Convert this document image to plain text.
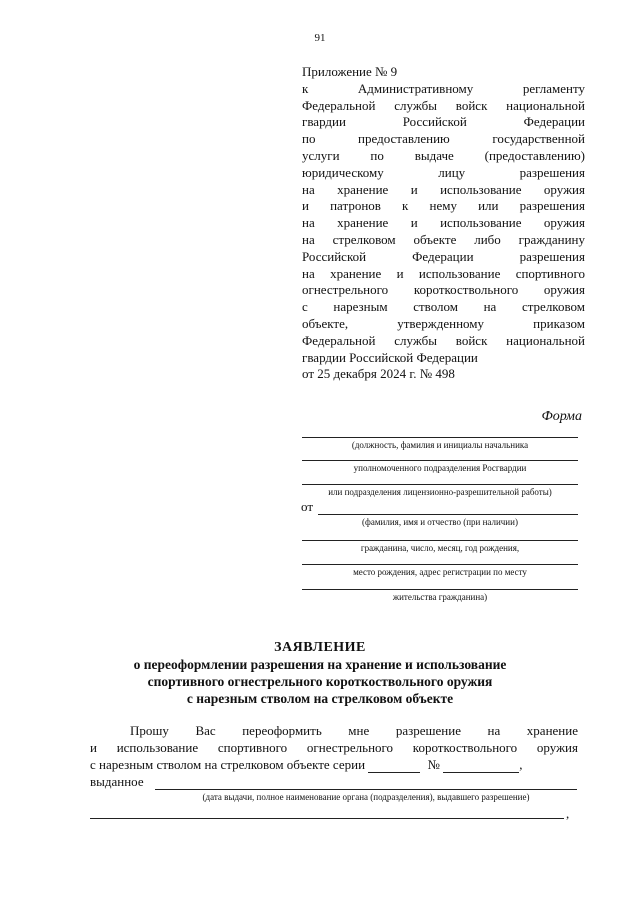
91
Приложение № 9
к Административному регламенту
Федеральной службы войск национальной
гвардии Российской Федерации
по предоставлению государственной
услуги по выдаче (предоставлению)
юридическому лицу разрешения
на хранение и использование оружия
и патронов к нему или разрешения
на хранение и использование оружия
на стрелковом объекте либо гражданину
Российской Федерации разрешения
на хранение и использование спортивного
огнестрельного короткоствольного оружия
с нарезным стволом на стрелковом
объекте, утвержденному приказом
Федеральной службы войск национальной
гвардии Российской Федерации
от 25 декабря 2024 г. № 498
Форма
(должность, фамилия и инициалы начальника
уполномоченного подразделения Росгвардии
или подразделения лицензионно-разрешительной работы)
от
(фамилия, имя и отчество (при наличии)
гражданина, число, месяц, год рождения,
место рождения, адрес регистрации по месту
жительства гражданина)
ЗАЯВЛЕНИЕ
о переоформлении разрешения на хранение и использование
спортивного огнестрельного короткоствольного оружия
с нарезным стволом на стрелковом объекте
Прошу Вас переоформить мне разрешение на хранение
и использование спортивного огнестрельного короткоствольного оружия
с нарезным стволом на стрелковом объекте серии	№	,
выданное
(дата выдачи, полное наименование органа (подразделения), выдавшего разрешение)
,
